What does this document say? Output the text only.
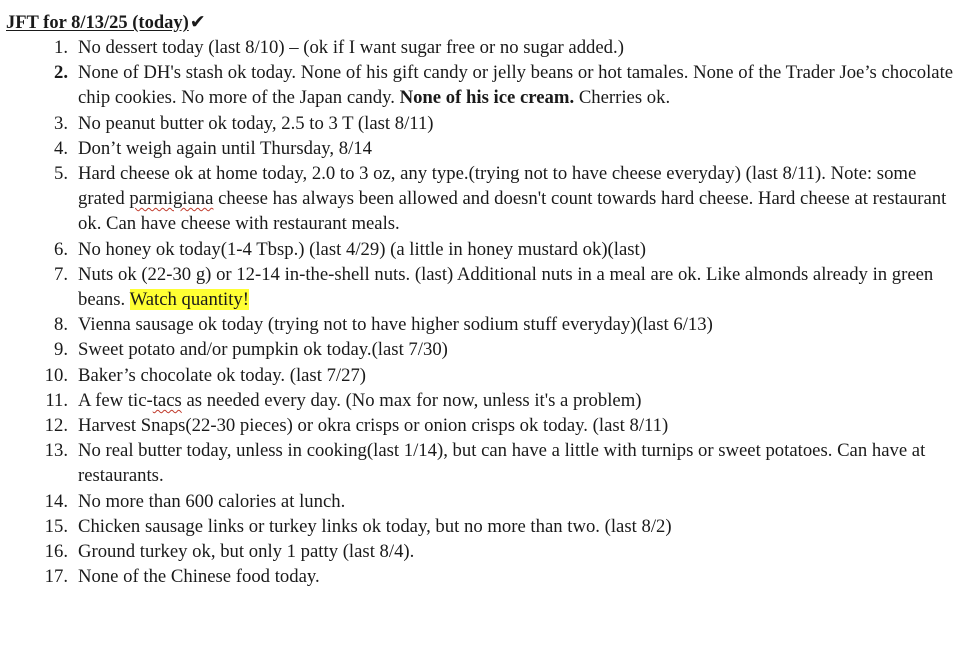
JFT for 8/13/25 (today)✔
1. No dessert today (last 8/10) – (ok if I want sugar free or no sugar added.)
2. None of DH's stash ok today. None of his gift candy or jelly beans or hot tamales. None of the Trader Joe’s chocolate chip cookies. No more of the Japan candy. None of his ice cream. Cherries ok.
3. No peanut butter ok today, 2.5 to 3 T (last 8/11)
4. Don’t weigh again until Thursday, 8/14
5. Hard cheese ok at home today, 2.0 to 3 oz, any type.(trying not to have cheese everyday) (last 8/11). Note: some grated parmigiana cheese has always been allowed and doesn't count towards hard cheese. Hard cheese at restaurant ok. Can have cheese with restaurant meals.
6. No honey ok today(1-4 Tbsp.) (last 4/29) (a little in honey mustard ok)(last)
7. Nuts ok (22-30 g) or 12-14 in-the-shell nuts. (last) Additional nuts in a meal are ok. Like almonds already in green beans. Watch quantity!
8. Vienna sausage ok today (trying not to have higher sodium stuff everyday)(last 6/13)
9. Sweet potato and/or pumpkin ok today.(last 7/30)
10. Baker’s chocolate ok today. (last 7/27)
11. A few tic-tacs as needed every day. (No max for now, unless it's a problem)
12. Harvest Snaps(22-30 pieces) or okra crisps or onion crisps ok today. (last 8/11)
13. No real butter today, unless in cooking(last 1/14), but can have a little with turnips or sweet potatoes. Can have at restaurants.
14. No more than 600 calories at lunch.
15. Chicken sausage links or turkey links ok today, but no more than two. (last 8/2)
16. Ground turkey ok, but only 1 patty (last 8/4).
17. None of the Chinese food today.
